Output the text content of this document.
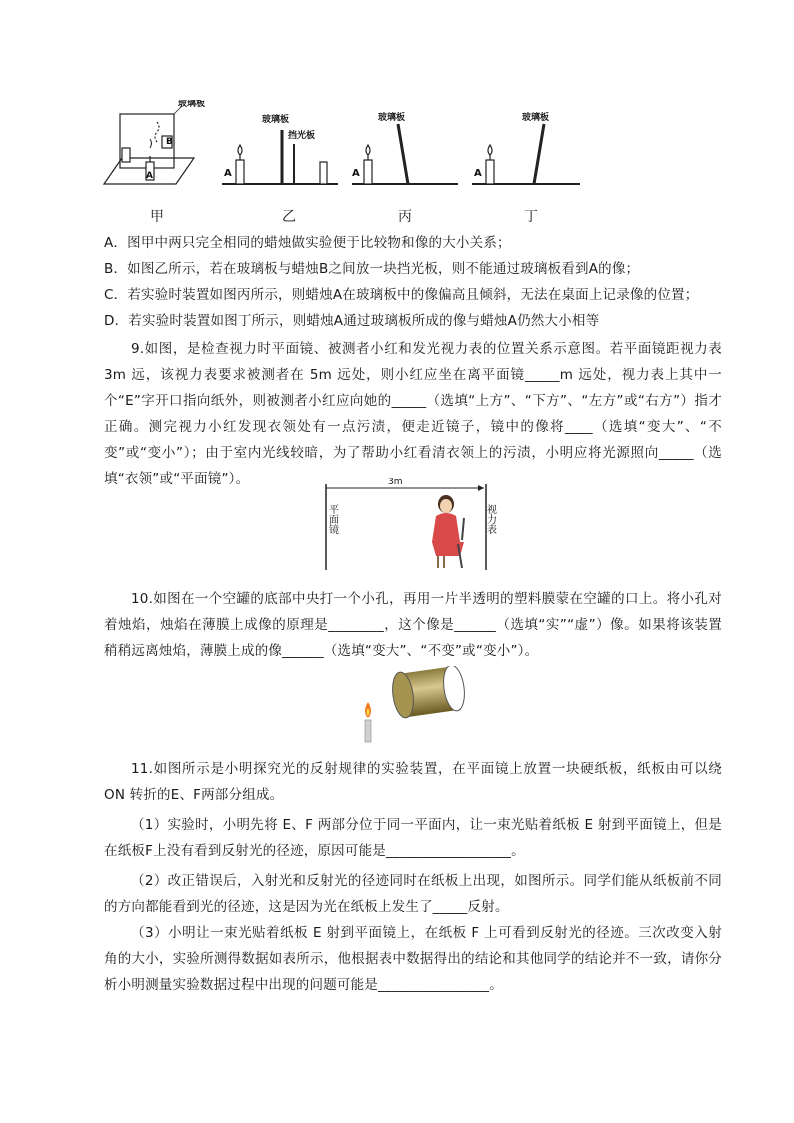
B
A
玻璃板
A
玻璃板
挡光板
A
玻璃板
A
玻璃板
甲	乙	丙	丁
A．图甲中两只完全相同的蜡烛做实验便于比较物和像的大小关系；
B．如图乙所示，若在玻璃板与蜡烛B之间放一块挡光板，则不能通过玻璃板看到A的像；
C．若实验时装置如图丙所示，则蜡烛A在玻璃板中的像偏高且倾斜，无法在桌面上记录像的位置；
D．若实验时装置如图丁所示，则蜡烛A通过玻璃板所成的像与蜡烛A仍然大小相等
9.如图，是检查视力时平面镜、被测者小红和发光视力表的位置关系示意图。若平面镜距视力表 3m 远，该视力表要求被测者在 5m 远处，则小红应坐在离平面镜_____m 远处，视力表上其中一个“E”字开口指向纸外，则被测者小红应向她的_____（选填“上方”、“下方”、“左方”或“右方”）指才正确。测完视力小红发现衣领处有一点污渍，便走近镜子，镜中的像将____（选填“变大”、“不变”或“变小”）；由于室内光线较暗，为了帮助小红看清衣领上的污渍，小明应将光源照向_____（选填“衣领”或“平面镜”）。	3m
平面镜	视力表
10.如图在一个空罐的底部中央打一个小孔，再用一片半透明的塑料膜蒙在空罐的口上。将小孔对着烛焰，烛焰在薄膜上成像的原理是________，这个像是______（选填“实”“虚”）像。如果将该装置稍稍远离烛焰，薄膜上成的像______（选填“变大”、“不变”或“变小”）。
11.如图所示是小明探究光的反射规律的实验装置，在平面镜上放置一块硬纸板，纸板由可以绕 ON 转折的E、F两部分组成。
（1）实验时，小明先将 E、F 两部分位于同一平面内，让一束光贴着纸板 E 射到平面镜上，但是在纸板F上没有看到反射光的径迹，原因可能是__________________。
（2）改正错误后，入射光和反射光的径迹同时在纸板上出现，如图所示。同学们能从纸板前不同的方向都能看到光的径迹，这是因为光在纸板上发生了_____反射。
（3）小明让一束光贴着纸板 E 射到平面镜上，在纸板 F 上可看到反射光的径迹。三次改变入射角的大小，实验所测得数据如表所示，他根据表中数据得出的结论和其他同学的结论并不一致，请你分析小明测量实验数据过程中出现的问题可能是________________。
